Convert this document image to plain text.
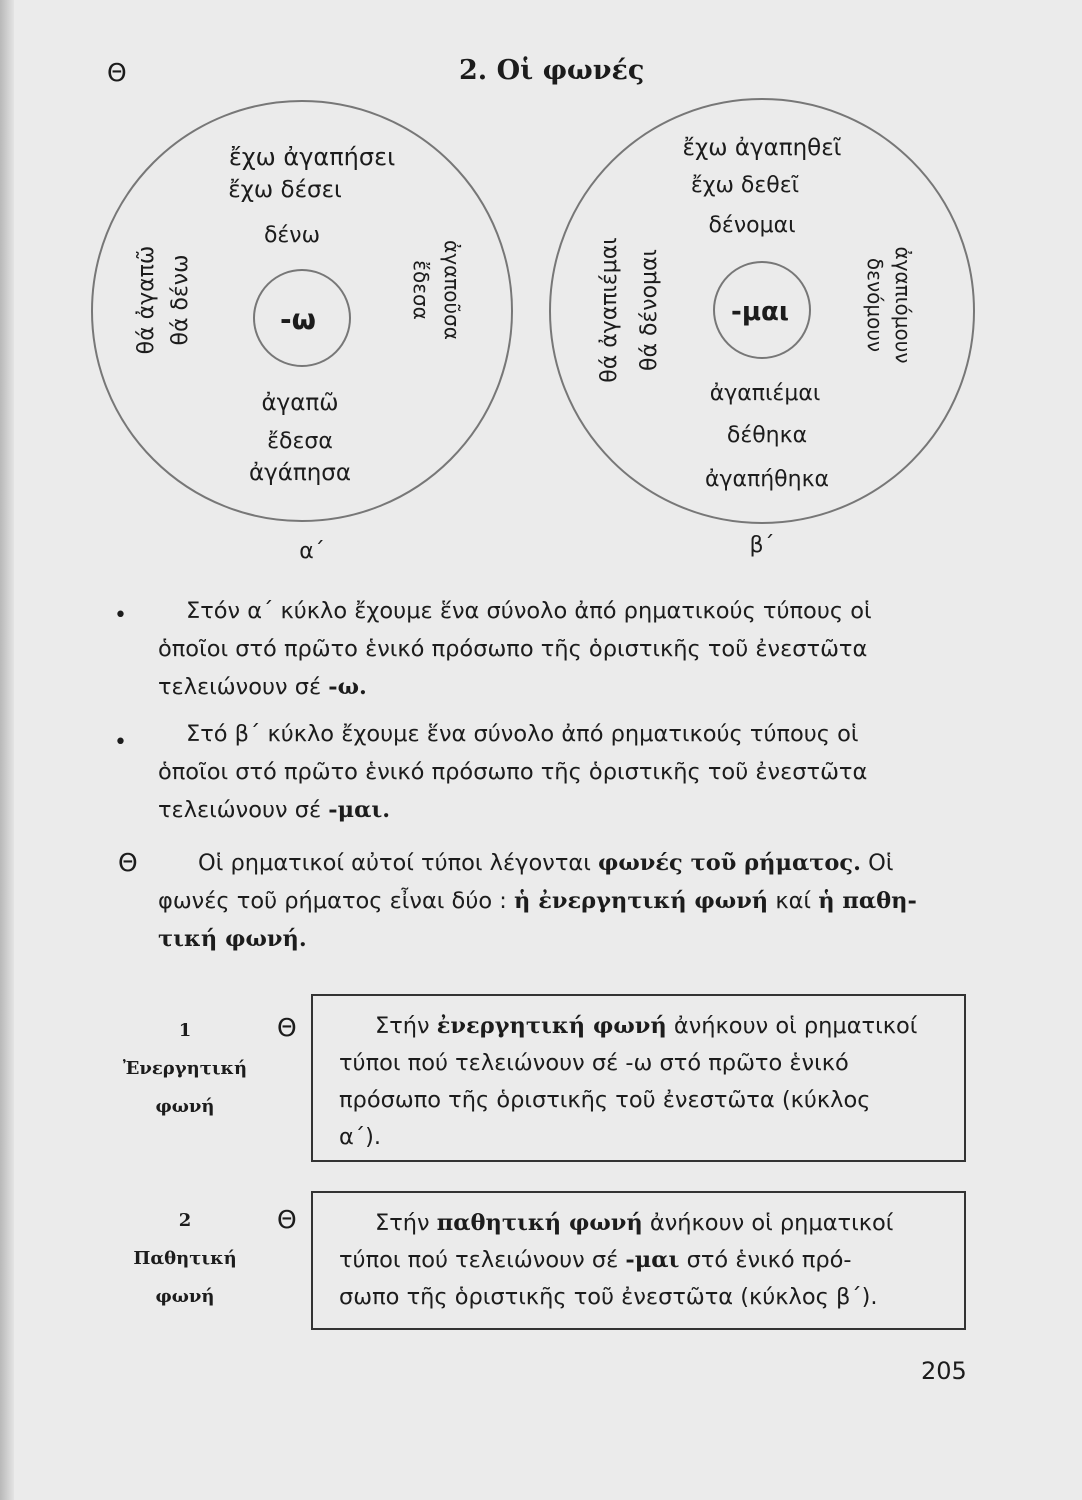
Θ	2. Οἱ φωνές
ἔχω ἀγαπήσει
ἔχω δέσει
δένω
-ω
ἀγαπῶ
ἔδεσα
ἀγάπησα
α΄
θά ἀγαπῶ θά δένω	ἔδεσα ἀγαποῦσα
ἔχω ἀγαπηθεῖ
ἔχω δεθεῖ
δένομαι
-μαι
ἀγαπιέμαι
δέθηκα
ἀγαπήθηκα
β΄
θά ἀγαπιέμαι θά δένομαι	ἀγαπιόμουν
δενόμουν
•	Στόν α΄ κύκλο ἔχουμε ἕνα σύνολο ἀπό ρηματικούς τύπους οἱ
ὁποῖοι στό πρῶτο ἑνικό πρόσωπο τῆς ὁριστικῆς τοῦ ἐνεστῶτα
τελειώνουν σέ -ω.
•	Στό β΄ κύκλο ἔχουμε ἕνα σύνολο ἀπό ρηματικούς τύπους οἱ
ὁποῖοι στό πρῶτο ἑνικό πρόσωπο τῆς ὁριστικῆς τοῦ ἐνεστῶτα
τελειώνουν σέ -μαι.
Θ	Οἱ ρηματικοί αὐτοί τύποι λέγονται φωνές τοῦ ρήματος. Οἱ
φωνές τοῦ ρήματος εἶναι δύο : ἡ ἐνεργητική φωνή καί ἡ παθη-
τική φωνή.
1
Ἐνεργητική
φωνή
Θ	Στήν ἐνεργητική φωνή ἀνήκουν οἱ ρηματικοί
τύποι πού τελειώνουν σέ -ω στό πρῶτο ἑνικό
πρόσωπο τῆς ὁριστικῆς τοῦ ἐνεστῶτα (κύκλος
α΄).
2
Παθητική
φωνή
Θ	Στήν παθητική φωνή ἀνήκουν οἱ ρηματικοί
τύποι πού τελειώνουν σέ -μαι στό ἑνικό πρό-
σωπο τῆς ὁριστικῆς τοῦ ἐνεστῶτα (κύκλος β΄).
205
